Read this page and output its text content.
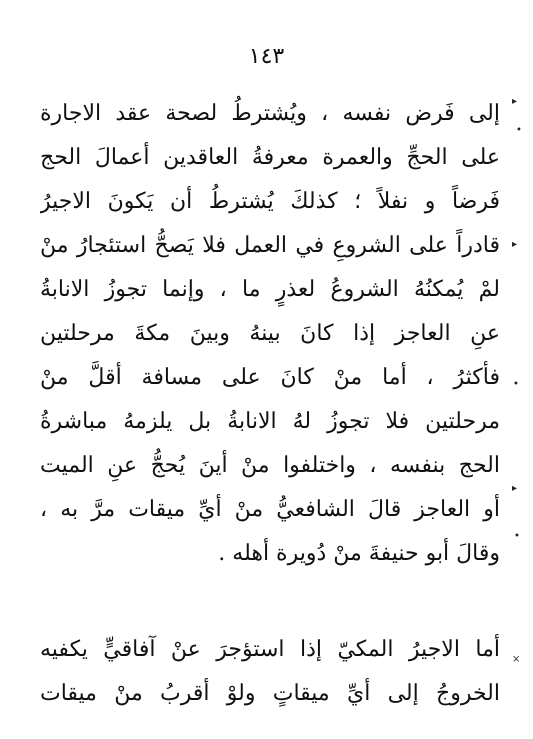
١٤٣
إلى فَرض نفسه ، ويُشترطُ لصحة عقد الاجارة
على الحجِّ والعمرة معرفةُ العاقدين أعمالَ الحج
فَرضاً و نفلاً ؛ كذلكَ يُشترطُ أن يَكونَ الاجيرُ
قادراً على الشروعِ في العمل فلا يَصحُّ استئجارُ منْ
لمْ يُمكنُهُ الشروعُ لعذرٍ ما ، وإنما تجوزُ الانابةُ
عنِ العاجز إذا كانَ بينهُ وبينَ مكةَ مرحلتين
فأكثرُ ، أما منْ كانَ على مسافة أقلَّ منْ
مرحلتين فلا تجوزُ لهُ الانابةُ بل يلزمهُ مباشرةُ
الحج بنفسه ، واختلفوا منْ أينَ يُحجُّ عنِ الميت
أو العاجز قالَ الشافعيُّ منْ أيِّ ميقات مرَّ به ،
وقالَ أبو حنيفةَ منْ دُويرة أهله .
أما الاجيرُ المكيّ إذا استؤجرَ عنْ آفاقيٍّ يكفيه
الخروجُ إلى أيِّ ميقاتٍ ولوْ أقربُ منْ ميقات
▸
•
▸
•
▸
•
×
